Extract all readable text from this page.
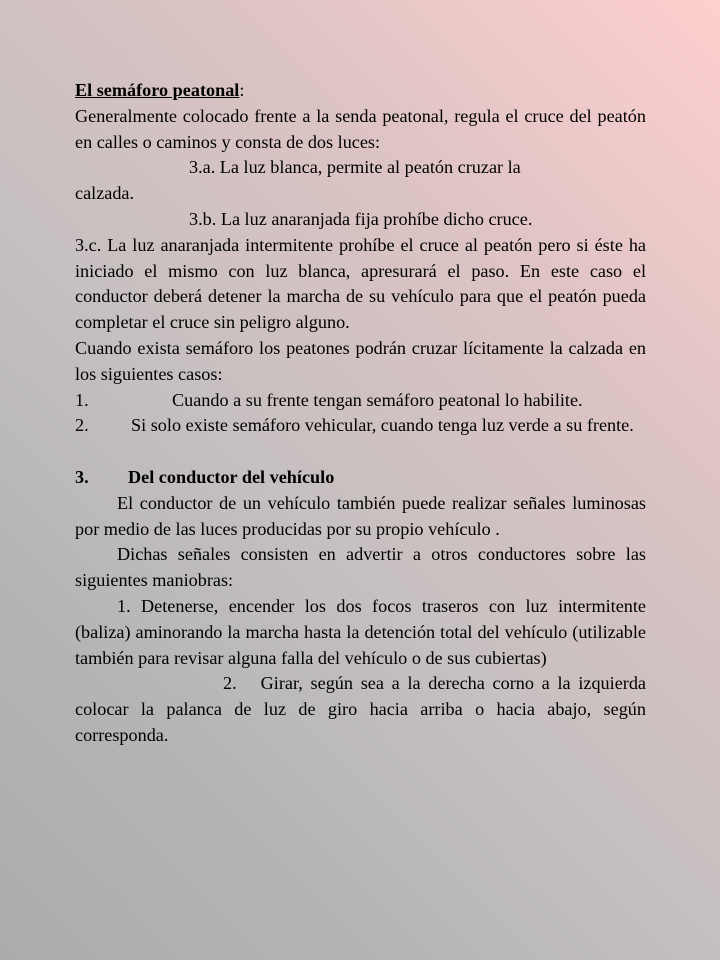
El semáforo peatonal:

Generalmente colocado frente a la senda peatonal, regula el cruce del peatón en calles o caminos y consta de dos luces:

3.a. La luz blanca, permite al peatón cruzar la

calzada.

3.b. La luz anaranjada fija prohíbe dicho cruce.

3.c. La luz anaranjada intermitente prohíbe el cruce al peatón pero si éste ha iniciado el mismo con luz blanca, apresurará el paso. En este caso el conductor deberá detener la marcha de su vehículo para que el peatón pueda completar el cruce sin peligro alguno.

Cuando exista semáforo los peatones podrán cruzar lícitamente la calzada en los siguientes casos:

1.	Cuando a su frente tengan semáforo peatonal lo habilite.

2. Si solo existe semáforo vehicular, cuando tenga luz verde a su frente.

3. Del conductor del vehículo

El conductor de un vehículo también puede realizar señales luminosas por medio de las luces producidas por su propio vehículo .

Dichas señales consisten en advertir a otros conductores sobre las siguientes maniobras:

1. Detenerse, encender los dos focos traseros con luz intermitente (baliza) aminorando la marcha hasta la detención total del vehículo (utilizable también para revisar alguna falla del vehículo o de sus cubiertas)

2. Girar, según sea a la derecha corno a la izquierda colocar la palanca de luz de giro hacia arriba o hacia abajo, según corresponda.
